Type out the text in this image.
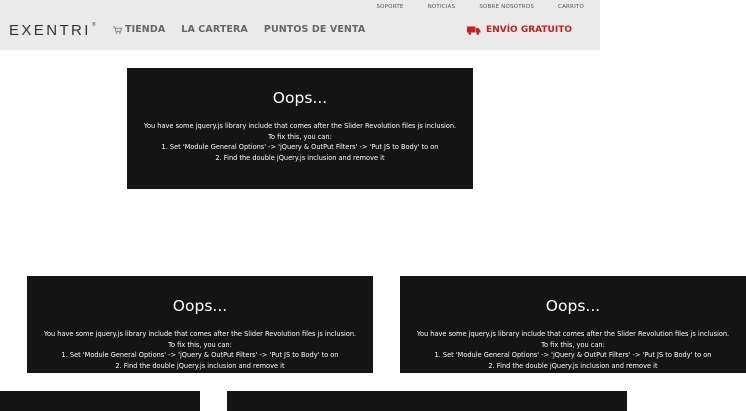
SOPORTE	NOTICIAS	SOBRE NOSOTROS	CARRITO
EXENTRI®	TIENDA LA CARTERA PUNTOS DE VENTA	ENVÍO GRATUITO
Oops...
You have some jquery.js library include that comes after the Slider Revolution files js inclusion.
To fix this, you can:
1. Set 'Module General Options' -> 'jQuery & OutPut Filters' -> 'Put JS to Body' to on
2. Find the double jQuery.js inclusion and remove it
Oops...
You have some jquery.js library include that comes after the Slider Revolution files js inclusion.
To fix this, you can:
1. Set 'Module General Options' -> 'jQuery & OutPut Filters' -> 'Put JS to Body' to on
2. Find the double jQuery.js inclusion and remove it
Oops...
You have some jquery.js library include that comes after the Slider Revolution files js inclusion.
To fix this, you can:
1. Set 'Module General Options' -> 'jQuery & OutPut Filters' -> 'Put JS to Body' to on
2. Find the double jQuery.js inclusion and remove it
